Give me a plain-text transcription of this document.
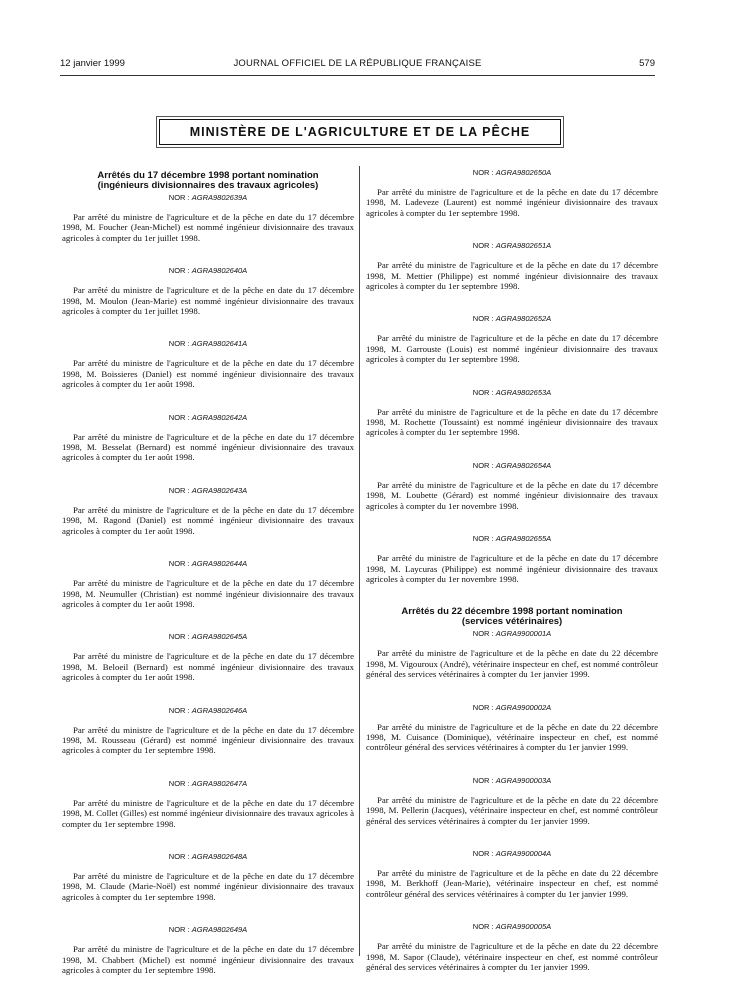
12 janvier 1999	JOURNAL OFFICIEL DE LA RÉPUBLIQUE FRANÇAISE	579
MINISTÈRE DE L'AGRICULTURE ET DE LA PÊCHE
Arrêtés du 17 décembre 1998 portant nomination
(ingénieurs divisionnaires des travaux agricoles)
NOR : AGRA9802639A
Par arrêté du ministre de l'agriculture et de la pêche en date du 17 décembre 1998, M. Foucher (Jean-Michel) est nommé ingénieur divisionnaire des travaux agricoles à compter du 1er juillet 1998.
NOR : AGRA9802640A
Par arrêté du ministre de l'agriculture et de la pêche en date du 17 décembre 1998, M. Moulon (Jean-Marie) est nommé ingénieur divisionnaire des travaux agricoles à compter du 1er juillet 1998.
NOR : AGRA9802641A
Par arrêté du ministre de l'agriculture et de la pêche en date du 17 décembre 1998, M. Boissieres (Daniel) est nommé ingénieur divisionnaire des travaux agricoles à compter du 1er août 1998.
NOR : AGRA9802642A
Par arrêté du ministre de l'agriculture et de la pêche en date du 17 décembre 1998, M. Besselat (Bernard) est nommé ingénieur divisionnaire des travaux agricoles à compter du 1er août 1998.
NOR : AGRA9802643A
Par arrêté du ministre de l'agriculture et de la pêche en date du 17 décembre 1998, M. Ragond (Daniel) est nommé ingénieur divisionnaire des travaux agricoles à compter du 1er août 1998.
NOR : AGRA9802644A
Par arrêté du ministre de l'agriculture et de la pêche en date du 17 décembre 1998, M. Neumuller (Christian) est nommé ingénieur divisionnaire des travaux agricoles à compter du 1er août 1998.
NOR : AGRA9802645A
Par arrêté du ministre de l'agriculture et de la pêche en date du 17 décembre 1998, M. Beloeil (Bernard) est nommé ingénieur divisionnaire des travaux agricoles à compter du 1er août 1998.
NOR : AGRA9802646A
Par arrêté du ministre de l'agriculture et de la pêche en date du 17 décembre 1998, M. Rousseau (Gérard) est nommé ingénieur divisionnaire des travaux agricoles à compter du 1er septembre 1998.
NOR : AGRA9802647A
Par arrêté du ministre de l'agriculture et de la pêche en date du 17 décembre 1998, M. Collet (Gilles) est nommé ingénieur divisionnaire des travaux agricoles à compter du 1er septembre 1998.
NOR : AGRA9802648A
Par arrêté du ministre de l'agriculture et de la pêche en date du 17 décembre 1998, M. Claude (Marie-Noël) est nommé ingénieur divisionnaire des travaux agricoles à compter du 1er septembre 1998.
NOR : AGRA9802649A
Par arrêté du ministre de l'agriculture et de la pêche en date du 17 décembre 1998, M. Chabbert (Michel) est nommé ingénieur divisionnaire des travaux agricoles à compter du 1er septembre 1998.
NOR : AGRA9802650A
Par arrêté du ministre de l'agriculture et de la pêche en date du 17 décembre 1998, M. Ladeveze (Laurent) est nommé ingénieur divisionnaire des travaux agricoles à compter du 1er septembre 1998.
NOR : AGRA9802651A
Par arrêté du ministre de l'agriculture et de la pêche en date du 17 décembre 1998, M. Mettier (Philippe) est nommé ingénieur divisionnaire des travaux agricoles à compter du 1er septembre 1998.
NOR : AGRA9802652A
Par arrêté du ministre de l'agriculture et de la pêche en date du 17 décembre 1998, M. Garrouste (Louis) est nommé ingénieur divisionnaire des travaux agricoles à compter du 1er septembre 1998.
NOR : AGRA9802653A
Par arrêté du ministre de l'agriculture et de la pêche en date du 17 décembre 1998, M. Rochette (Toussaint) est nommé ingénieur divisionnaire des travaux agricoles à compter du 1er septembre 1998.
NOR : AGRA9802654A
Par arrêté du ministre de l'agriculture et de la pêche en date du 17 décembre 1998, M. Loubette (Gérard) est nommé ingénieur divisionnaire des travaux agricoles à compter du 1er novembre 1998.
NOR : AGRA9802655A
Par arrêté du ministre de l'agriculture et de la pêche en date du 17 décembre 1998, M. Laycuras (Philippe) est nommé ingénieur divisionnaire des travaux agricoles à compter du 1er novembre 1998.
Arrêtés du 22 décembre 1998 portant nomination
(services vétérinaires)
NOR : AGRA9900001A
Par arrêté du ministre de l'agriculture et de la pêche en date du 22 décembre 1998, M. Vigouroux (André), vétérinaire inspecteur en chef, est nommé contrôleur général des services vétérinaires à compter du 1er janvier 1999.
NOR : AGRA9900002A
Par arrêté du ministre de l'agriculture et de la pêche en date du 22 décembre 1998, M. Cuisance (Dominique), vétérinaire inspecteur en chef, est nommé contrôleur général des services vétérinaires à compter du 1er janvier 1999.
NOR : AGRA9900003A
Par arrêté du ministre de l'agriculture et de la pêche en date du 22 décembre 1998, M. Pellerin (Jacques), vétérinaire inspecteur en chef, est nommé contrôleur général des services vétérinaires à compter du 1er janvier 1999.
NOR : AGRA9900004A
Par arrêté du ministre de l'agriculture et de la pêche en date du 22 décembre 1998, M. Berkhoff (Jean-Marie), vétérinaire inspecteur en chef, est nommé contrôleur général des services vétérinaires à compter du 1er janvier 1999.
NOR : AGRA9900005A
Par arrêté du ministre de l'agriculture et de la pêche en date du 22 décembre 1998, M. Sapor (Claude), vétérinaire inspecteur en chef, est nommé contrôleur général des services vétérinaires à compter du 1er janvier 1999.
